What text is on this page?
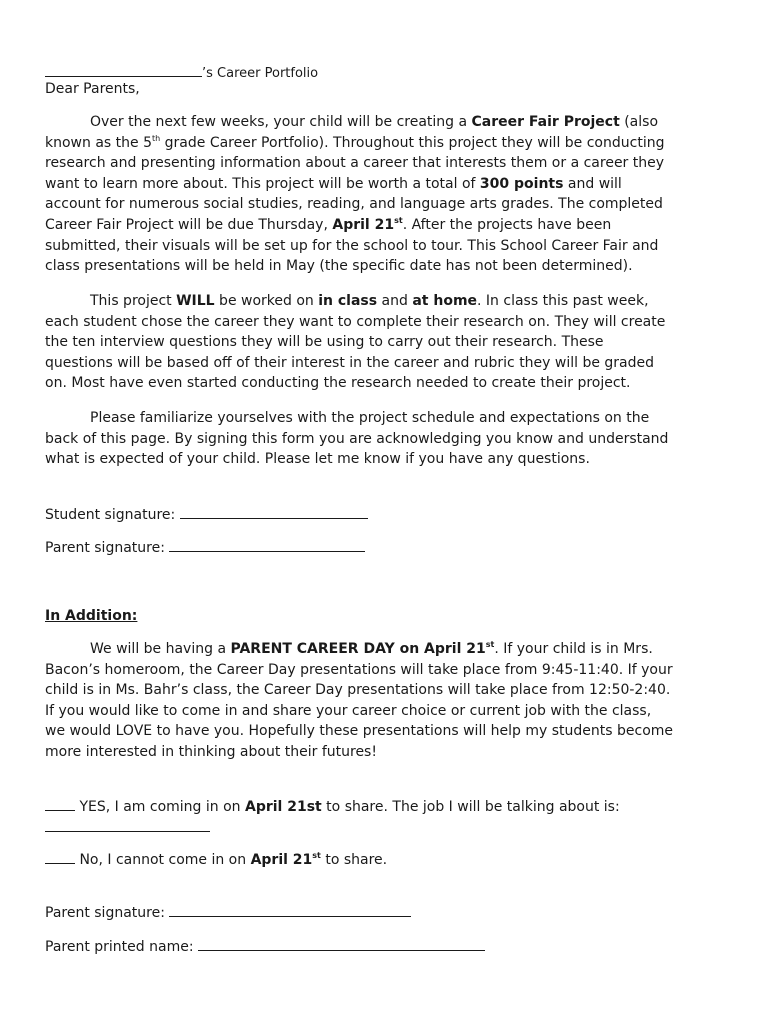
’s Career Portfolio
Dear Parents,
Over the next few weeks, your child will be creating a Career Fair Project (also
known as the 5th grade Career Portfolio). Throughout this project they will be conducting
research and presenting information about a career that interests them or a career they
want to learn more about. This project will be worth a total of 300 points and will
account for numerous social studies, reading, and language arts grades. The completed
Career Fair Project will be due Thursday, April 21st. After the projects have been
submitted, their visuals will be set up for the school to tour. This School Career Fair and
class presentations will be held in May (the specific date has not been determined).
This project WILL be worked on in class and at home. In class this past week,
each student chose the career they want to complete their research on. They will create
the ten interview questions they will be using to carry out their research. These
questions will be based off of their interest in the career and rubric they will be graded
on. Most have even started conducting the research needed to create their project.
Please familiarize yourselves with the project schedule and expectations on the
back of this page. By signing this form you are acknowledging you know and understand
what is expected of your child. Please let me know if you have any questions.
Student signature:
Parent signature:
In Addition:
We will be having a PARENT CAREER DAY on April 21st. If your child is in Mrs.
Bacon’s homeroom, the Career Day presentations will take place from 9:45-11:40. If your
child is in Ms. Bahr’s class, the Career Day presentations will take place from 12:50-2:40.
If you would like to come in and share your career choice or current job with the class,
we would LOVE to have you. Hopefully these presentations will help my students become
more interested in thinking about their futures!
YES, I am coming in on April 21st to share. The job I will be talking about is:
No, I cannot come in on April 21st to share.
Parent signature:
Parent printed name:
